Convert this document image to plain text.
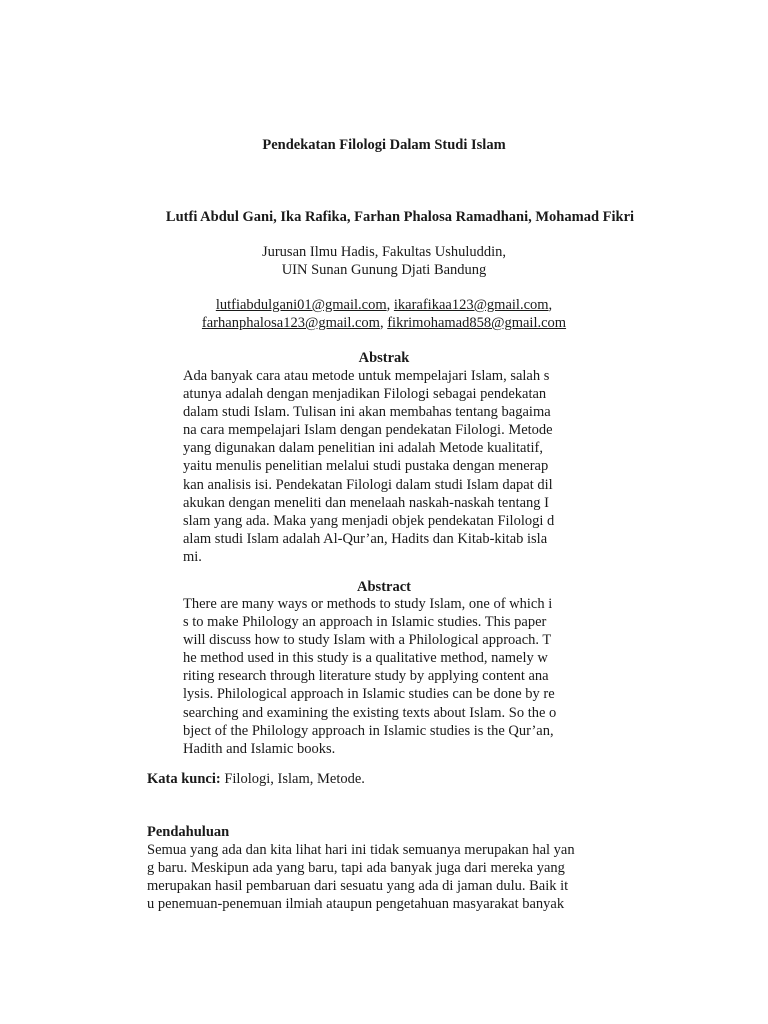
Pendekatan Filologi Dalam Studi Islam
Lutfi Abdul Gani, Ika Rafika, Farhan Phalosa Ramadhani, Mohamad Fikri
Jurusan Ilmu Hadis, Fakultas Ushuluddin,
UIN Sunan Gunung Djati Bandung
lutfiabdulgani01@gmail.com, ikarafikaa123@gmail.com,
farhanphalosa123@gmail.com, fikrimohamad858@gmail.com
Abstrak
Ada banyak cara atau metode untuk mempelajari Islam, salah s
atunya adalah dengan menjadikan Filologi sebagai pendekatan
dalam studi Islam. Tulisan ini akan membahas tentang bagaima
na cara mempelajari Islam dengan pendekatan Filologi. Metode
yang digunakan dalam penelitian ini adalah Metode kualitatif,
yaitu menulis penelitian melalui studi pustaka dengan menerap
kan analisis isi. Pendekatan Filologi dalam studi Islam dapat dil
akukan dengan meneliti dan menelaah naskah-naskah tentang I
slam yang ada. Maka yang menjadi objek pendekatan Filologi d
alam studi Islam adalah Al-Qur’an, Hadits dan Kitab-kitab isla
mi.
Abstract
There are many ways or methods to study Islam, one of which i
s to make Philology an approach in Islamic studies. This paper
will discuss how to study Islam with a Philological approach. T
he method used in this study is a qualitative method, namely w
riting research through literature study by applying content ana
lysis. Philological approach in Islamic studies can be done by re
searching and examining the existing texts about Islam. So the o
bject of the Philology approach in Islamic studies is the Qur’an,
Hadith and Islamic books.
Kata kunci: Filologi, Islam, Metode.
Pendahuluan
Semua yang ada dan kita lihat hari ini tidak semuanya merupakan hal yan
g baru. Meskipun ada yang baru, tapi ada banyak juga dari mereka yang
merupakan hasil pembaruan dari sesuatu yang ada di jaman dulu. Baik it
u penemuan-penemuan ilmiah ataupun pengetahuan masyarakat banyak
